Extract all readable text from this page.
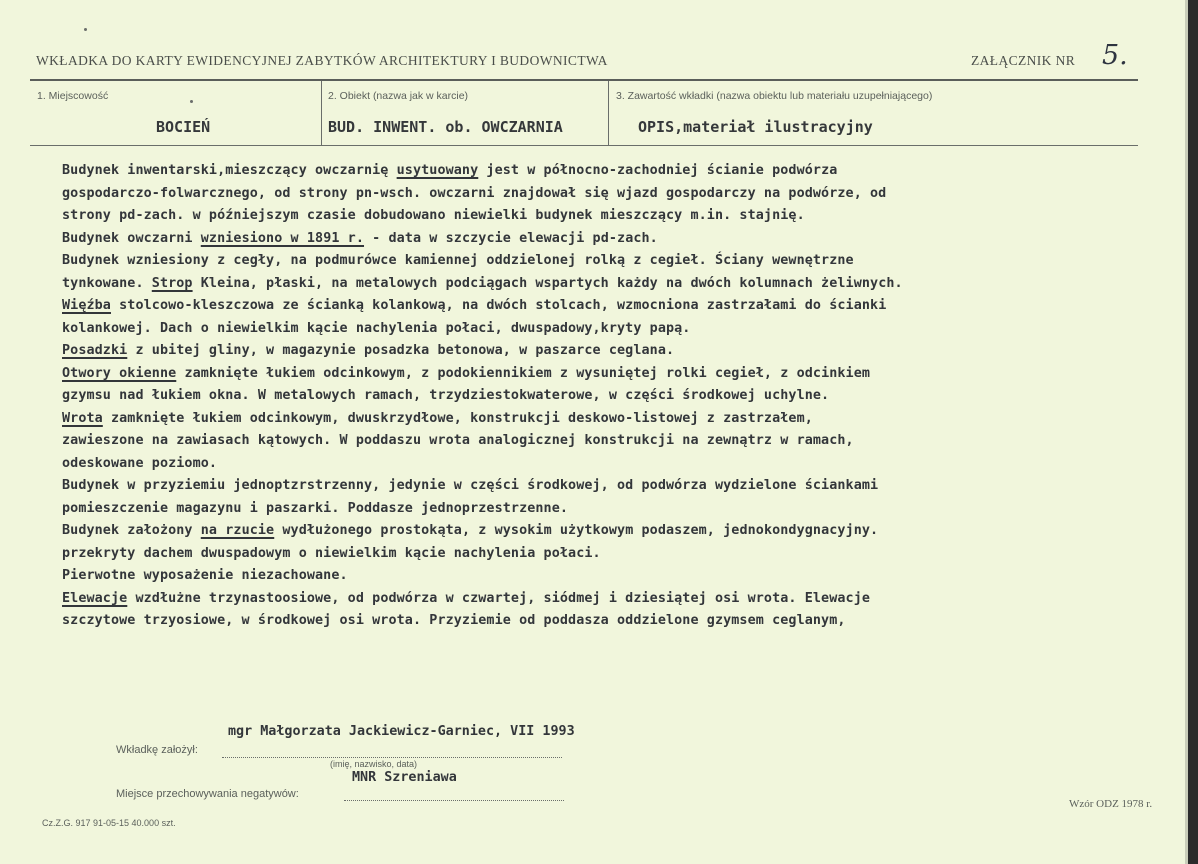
WKŁADKA DO KARTY EWIDENCYJNEJ ZABYTKÓW ARCHITEKTURY I BUDOWNICTWA	ZAŁĄCZNIK NR 5.
1. Miejscowość
BOCIEŃ
2. Obiekt (nazwa jak w karcie)
BUD. INWENT. ob. OWCZARNIA
3. Zawartość wkładki (nazwa obiektu lub materiału uzupełniającego)
OPIS,materiał ilustracyjny
Budynek inwentarski,mieszczący owczarnię usytuowany jest w północno-zachodniej ścianie podwórza
gospodarczo-folwarcznego, od strony pn-wsch. owczarni znajdował się wjazd gospodarczy na podwórze, od
strony pd-zach. w późniejszym czasie dobudowano niewielki budynek mieszczący m.in. stajnię.
Budynek owczarni wzniesiono w 1891 r. - data w szczycie elewacji pd-zach.
Budynek wzniesiony z cegły, na podmurówce kamiennej oddzielonej rolką z cegieł. Ściany wewnętrzne
tynkowane. Strop Kleina, płaski, na metalowych podciągach wspartych każdy na dwóch kolumnach żeliwnych.
Więźba stolcowo-kleszczowa ze ścianką kolankową, na dwóch stolcach, wzmocniona zastrzałami do ścianki
kolankowej. Dach o niewielkim kącie nachylenia połaci, dwuspadowy,kryty papą.
Posadzki z ubitej gliny, w magazynie posadzka betonowa, w paszarce ceglana.
Otwory okienne zamknięte łukiem odcinkowym, z podokiennikiem z wysuniętej rolki cegieł, z odcinkiem
gzymsu nad łukiem okna. W metalowych ramach, trzydziestokwaterowe, w części środkowej uchylne.
Wrota zamknięte łukiem odcinkowym, dwuskrzydłowe, konstrukcji deskowo-listowej z zastrzałem,
zawieszone na zawiasach kątowych. W poddaszu wrota analogicznej konstrukcji na zewnątrz w ramach,
odeskowane poziomo.
Budynek w przyziemiu jednoptzrstrzenny, jedynie w części środkowej, od podwórza wydzielone ściankami
pomieszczenie magazynu i paszarki. Poddasze jednoprzestrzenne.
Budynek założony na rzucie wydłużonego prostokąta, z wysokim użytkowym podaszem, jednokondygnacyjny.
przekryty dachem dwuspadowym o niewielkim kącie nachylenia połaci.
Pierwotne wyposażenie niezachowane.
Elewacje wzdłużne trzynastoosiowe, od podwórza w czwartej, siódmej i dziesiątej osi wrota. Elewacje
szczytowe trzyosiowe, w środkowej osi wrota. Przyziemie od poddasza oddzielone gzymsem ceglanym,
mgr Małgorzata Jackiewicz-Garniec, VII 1993
Wkładkę założył:
(imię, nazwisko, data)
MNR Szreniawa
Miejsce przechowywania negatywów:
Wzór ODZ 1978 r.
Cz.Z.G. 917 91-05-15 40.000 szt.
